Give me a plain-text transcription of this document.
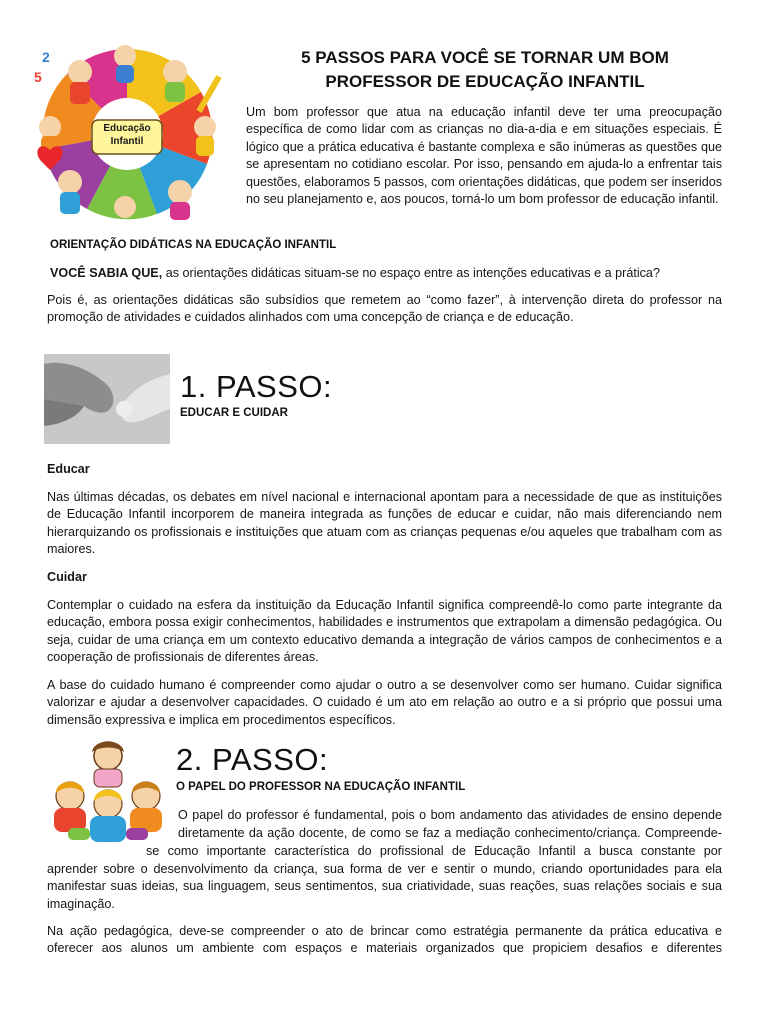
2
5
Educação
Infantil
5 PASSOS PARA VOCÊ SE TORNAR UM BOM
PROFESSOR DE EDUCAÇÃO INFANTIL

Um bom professor que atua na educação infantil deve ter uma preocupação específica de como lidar com as crianças no dia-a-dia e em situações especiais. É lógico que a prática educativa é bastante complexa e são inúmeras as questões que se apresentam no cotidiano escolar. Por isso, pensando em ajuda-lo a enfrentar tais questões, elaboramos 5 passos, com orientações didáticas, que podem ser inseridos no seu planejamento e, aos poucos, torná-lo um bom professor de educação infantil.

ORIENTAÇÃO DIDÁTICAS NA EDUCAÇÃO INFANTIL

VOCÊ SABIA QUE, as orientações didáticas situam-se no espaço entre as intenções educativas e a prática?

Pois é, as orientações didáticas são subsídios que remetem ao “como fazer”, à intervenção direta do professor na promoção de atividades e cuidados alinhados com uma concepção de criança e de educação.

1. PASSO:
EDUCAR E CUIDAR
Educar

Nas últimas décadas, os debates em nível nacional e internacional apontam para a necessidade de que as instituições de Educação Infantil incorporem de maneira integrada as funções de educar e cuidar, não mais diferenciando nem hierarquizando os profissionais e instituições que atuam com as crianças pequenas e/ou aqueles que trabalham com as maiores.

Cuidar

Contemplar o cuidado na esfera da instituição da Educação Infantil significa compreendê-lo como parte integrante da educação, embora possa exigir conhecimentos, habilidades e instrumentos que extrapolam a dimensão pedagógica. Ou seja, cuidar de uma criança em um contexto educativo demanda a integração de vários campos de conhecimentos e a cooperação de profissionais de diferentes áreas.

A base do cuidado humano é compreender como ajudar o outro a se desenvolver como ser humano. Cuidar significa valorizar e ajudar a desenvolver capacidades. O cuidado é um ato em relação ao outro e a si próprio que possui uma dimensão expressiva e implica em procedimentos específicos.

2. PASSO:
O PAPEL DO PROFESSOR NA EDUCAÇÃO INFANTIL
O papel do professor é fundamental, pois o bom andamento das atividades de ensino depende
diretamente da ação docente, de como se faz a mediação conhecimento/criança. Compreende-
se como importante característica do profissional de Educação Infantil a busca constante por

aprender sobre o desenvolvimento da criança, sua forma de ver e sentir o mundo, criando oportunidades para ela manifestar suas ideias, sua linguagem, seus sentimentos, sua criatividade, suas reações, suas relações sociais e sua imaginação.

Na ação pedagógica, deve-se compreender o ato de brincar como estratégia permanente da prática educativa e oferecer aos alunos um ambiente com espaços e materiais organizados que propiciem desafios e diferentes
